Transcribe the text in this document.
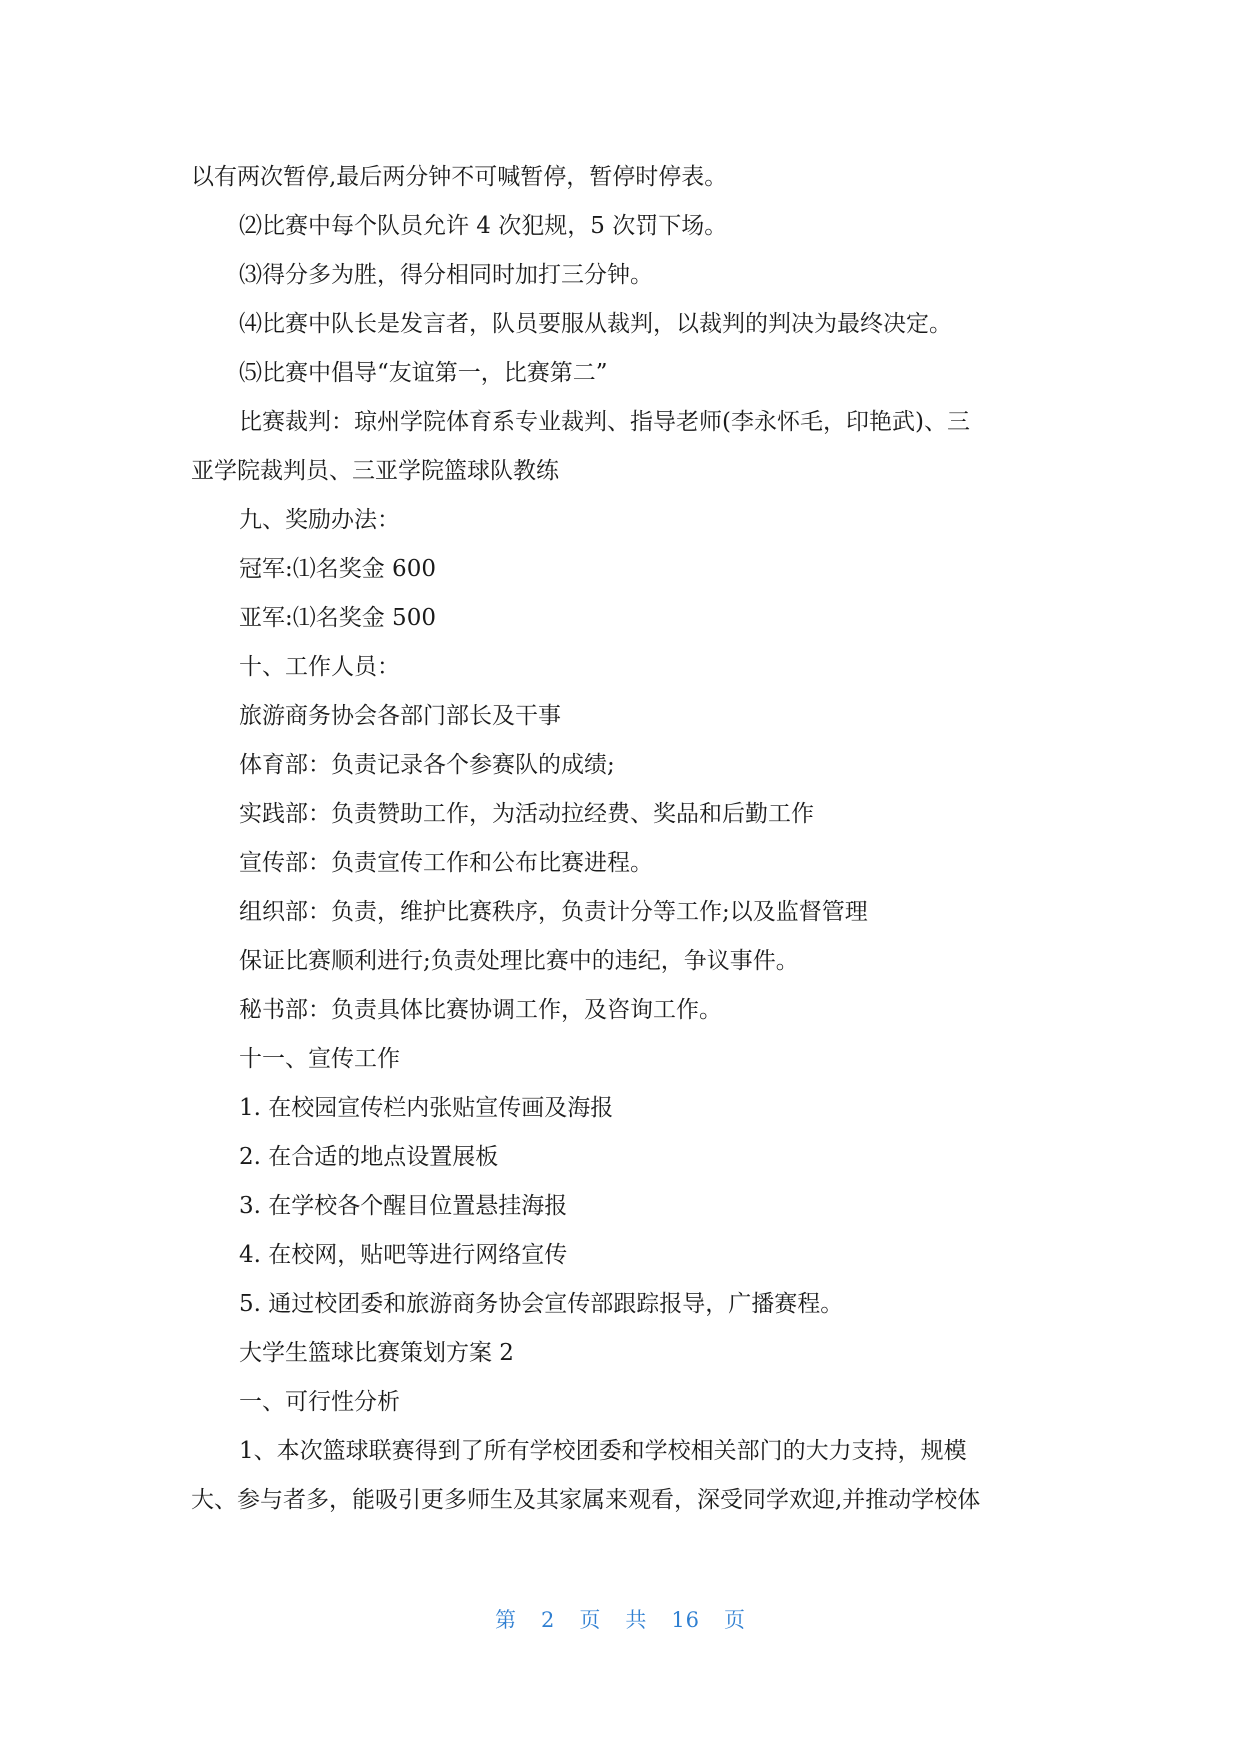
以有两次暂停,最后两分钟不可喊暂停，暂停时停表。

⑵比赛中每个队员允许 4 次犯规，5 次罚下场。

⑶得分多为胜，得分相同时加打三分钟。

⑷比赛中队长是发言者，队员要服从裁判，以裁判的判决为最终决定。

⑸比赛中倡导“友谊第一，比赛第二”

比赛裁判：琼州学院体育系专业裁判、指导老师(李永怀毛，印艳武)、三

亚学院裁判员、三亚学院篮球队教练

九、奖励办法：

冠军:⑴名奖金 600

亚军:⑴名奖金 500

十、工作人员：

旅游商务协会各部门部长及干事

体育部：负责记录各个参赛队的成绩;

实践部：负责赞助工作，为活动拉经费、奖品和后勤工作

宣传部：负责宣传工作和公布比赛进程。

组织部：负责，维护比赛秩序，负责计分等工作;以及监督管理

保证比赛顺利进行;负责处理比赛中的违纪，争议事件。

秘书部：负责具体比赛协调工作，及咨询工作。

十一、宣传工作

1. 在校园宣传栏内张贴宣传画及海报

2. 在合适的地点设置展板

3. 在学校各个醒目位置悬挂海报

4. 在校网，贴吧等进行网络宣传

5. 通过校团委和旅游商务协会宣传部跟踪报导，广播赛程。

大学生篮球比赛策划方案 2

一、可行性分析

1、本次篮球联赛得到了所有学校团委和学校相关部门的大力支持，规模

大、参与者多，能吸引更多师生及其家属来观看，深受同学欢迎,并推动学校体

第 2 页 共 16 页
